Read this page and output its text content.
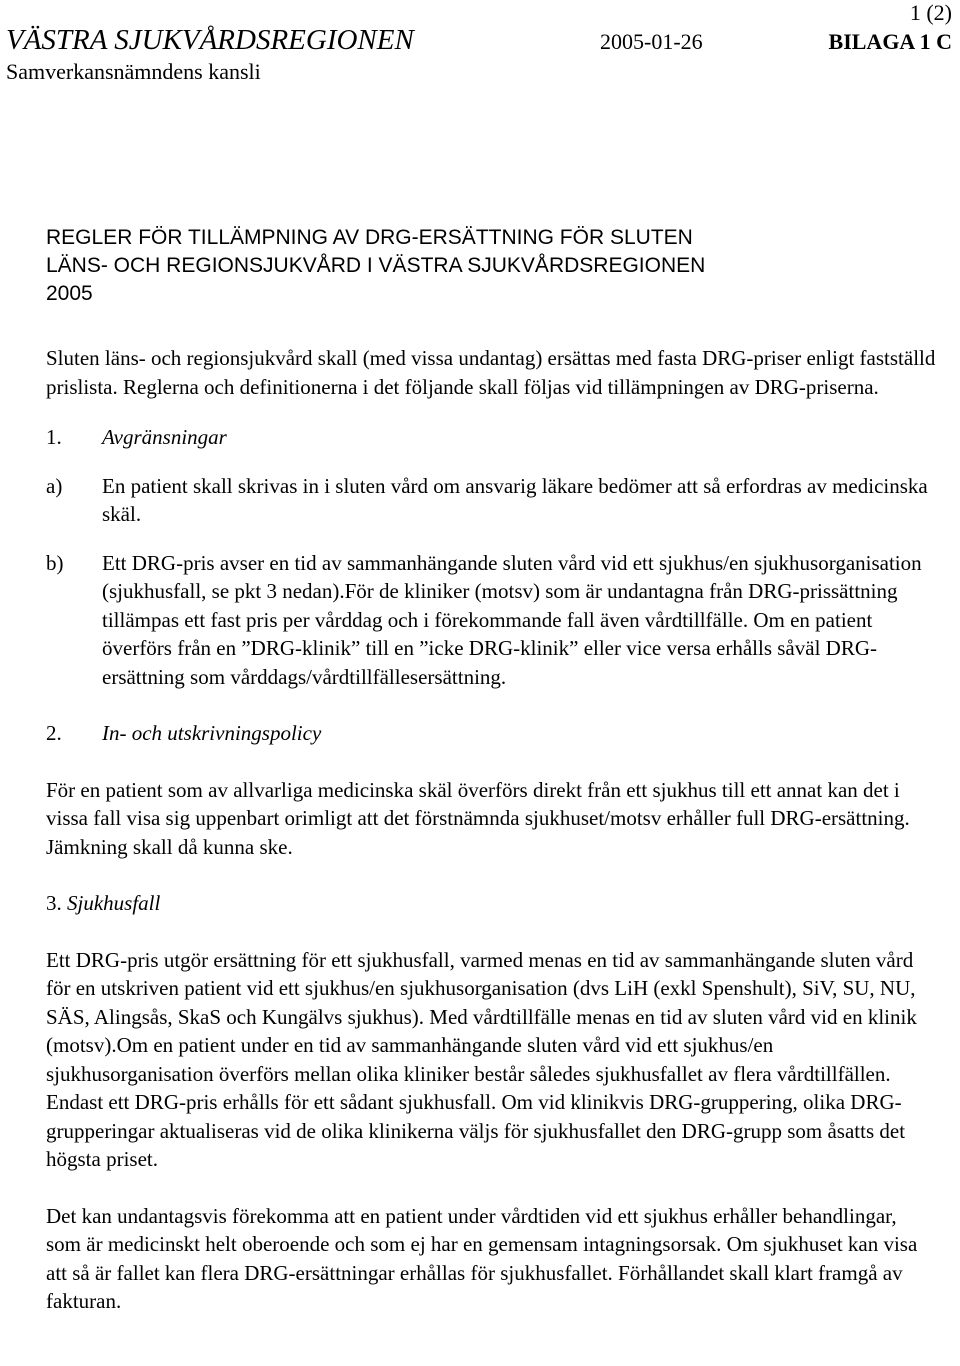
1 (2)
VÄSTRA SJUKVÅRDSREGIONEN	2005-01-26	BILAGA 1 C
Samverkansnämndens kansli
REGLER FÖR TILLÄMPNING AV DRG-ERSÄTTNING FÖR SLUTEN
LÄNS- OCH REGIONSJUKVÅRD I VÄSTRA SJUKVÅRDSREGIONEN
2005

Sluten läns- och regionsjukvård skall (med vissa undantag) ersättas med fasta DRG-priser enligt fastställd prislista. Reglerna och definitionerna i det följande skall följas vid tillämpningen av DRG-priserna.

1.	Avgränsningar
a)	En patient skall skrivas in i sluten vård om ansvarig läkare bedömer att så erfordras av medicinska skäl.
b)	Ett DRG-pris avser en tid av sammanhängande sluten vård vid ett sjukhus/en sjukhusorganisation (sjukhusfall, se pkt 3 nedan).För de kliniker (motsv) som är undantagna från DRG-prissättning tillämpas ett fast pris per vårddag och i förekommande fall även vårdtillfälle. Om en patient överförs från en ”DRG-klinik” till en ”icke DRG-klinik” eller vice versa erhålls såväl DRG-ersättning som vårddags/vårdtillfällesersättning.
2.	In- och utskrivningspolicy

För en patient som av allvarliga medicinska skäl överförs direkt från ett sjukhus till ett annat kan det i vissa fall visa sig uppenbart orimligt att det förstnämnda sjukhuset/motsv erhåller full DRG-ersättning. Jämkning skall då kunna ske.

3. Sjukhusfall

Ett DRG-pris utgör ersättning för ett sjukhusfall, varmed menas en tid av sammanhängande sluten vård för en utskriven patient vid ett sjukhus/en sjukhusorganisation (dvs LiH (exkl Spenshult), SiV, SU, NU, SÄS, Alingsås, SkaS och Kungälvs sjukhus). Med vårdtillfälle menas en tid av sluten vård vid en klinik (motsv).Om en patient under en tid av sammanhängande sluten vård vid ett sjukhus/en sjukhusorganisation överförs mellan olika kliniker består således sjukhusfallet av flera vårdtillfällen. Endast ett DRG-pris erhålls för ett sådant sjukhusfall. Om vid klinikvis DRG-gruppering, olika DRG-grupperingar aktualiseras vid de olika klinikerna väljs för sjukhusfallet den DRG-grupp som åsatts det högsta priset.

Det kan undantagsvis förekomma att en patient under vårdtiden vid ett sjukhus erhåller behandlingar, som är medicinskt helt oberoende och som ej har en gemensam intagningsorsak. Om sjukhuset kan visa att så är fallet kan flera DRG-ersättningar erhållas för sjukhusfallet. Förhållandet skall klart framgå av fakturan.
